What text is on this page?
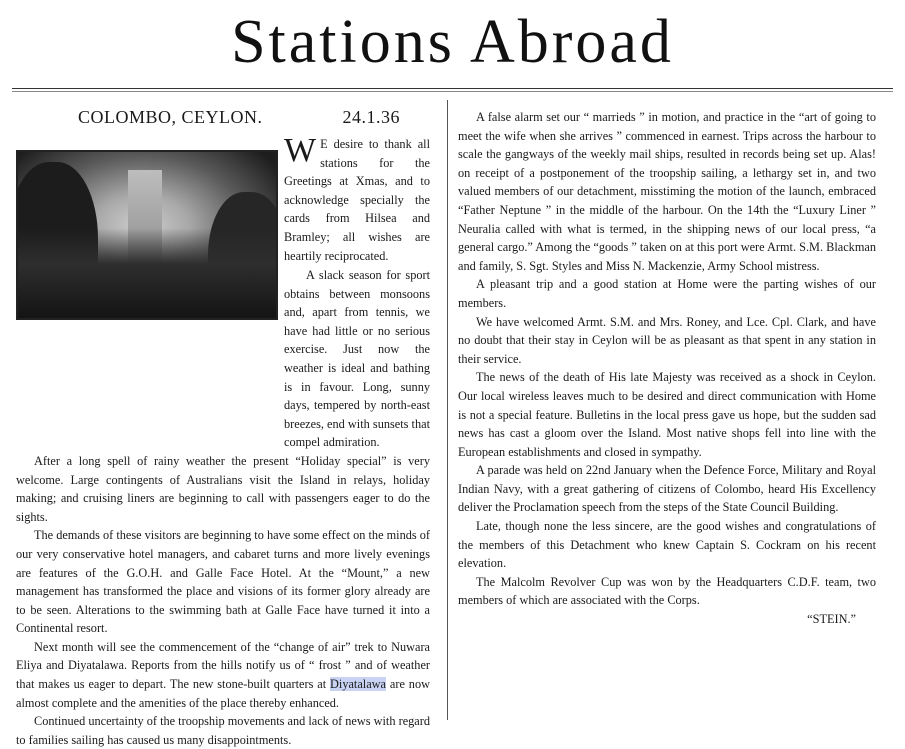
Stations Abroad
COLOMBO, CEYLON.	24.1.36

W E desire to thank all stations for the Greetings at Xmas, and to acknowledge specially the cards from Hilsea and Bramley; all wishes are heartily reciprocated.

A slack season for sport obtains between monsoons and, apart from tennis, we have had little or no serious exercise. Just now the weather is ideal and bathing is in favour. Long, sunny days, tempered by north-east breezes, end with sunsets that compel admiration.

After a long spell of rainy weather the present “Holiday special” is very welcome. Large contingents of Australians visit the Island in relays, holiday making; and cruising liners are beginning to call with passengers eager to do the sights.

The demands of these visitors are beginning to have some effect on the minds of our very conservative hotel managers, and cabaret turns and more lively evenings are features of the G.O.H. and Galle Face Hotel. At the “Mount,” a new management has transformed the place and visions of its former glory already are to be seen. Alterations to the swimming bath at Galle Face have turned it into a Continental resort.

Next month will see the commencement of the “change of air” trek to Nuwara Eliya and Diyatalawa. Reports from the hills notify us of “ frost ” and of weather that makes us eager to depart. The new stone-built quarters at Diyatalawa are now almost complete and the amenities of the place thereby enhanced.

Continued uncertainty of the troopship movements and lack of news with regard to families sailing has caused us many disappointments.

A false alarm set our “ marrieds ” in motion, and practice in the “art of going to meet the wife when she arrives ” commenced in earnest. Trips across the harbour to scale the gangways of the weekly mail ships, resulted in records being set up. Alas! on receipt of a postponement of the troopship sailing, a lethargy set in, and two valued members of our detachment, misstiming the motion of the launch, embraced “Father Neptune ” in the middle of the harbour. On the 14th the “Luxury Liner ” Neuralia called with what is termed, in the shipping news of our local press, “a general cargo.” Among the “goods ” taken on at this port were Armt. S.M. Blackman and family, S. Sgt. Styles and Miss N. Mackenzie, Army School mistress.

A pleasant trip and a good station at Home were the parting wishes of our members.

We have welcomed Armt. S.M. and Mrs. Roney, and Lce. Cpl. Clark, and have no doubt that their stay in Ceylon will be as pleasant as that spent in any station in their service.

The news of the death of His late Majesty was received as a shock in Ceylon. Our local wireless leaves much to be desired and direct communication with Home is not a special feature. Bulletins in the local press gave us hope, but the sudden sad news has cast a gloom over the Island. Most native shops fell into line with the European establishments and closed in sympathy.

A parade was held on 22nd January when the Defence Force, Military and Royal Indian Navy, with a great gathering of citizens of Colombo, heard His Excellency deliver the Proclamation speech from the steps of the State Council Building.

Late, though none the less sincere, are the good wishes and congratulations of the members of this Detachment who knew Captain S. Cockram on his recent elevation.

The Malcolm Revolver Cup was won by the Headquarters C.D.F. team, two members of which are associated with the Corps.

“STEIN.”
